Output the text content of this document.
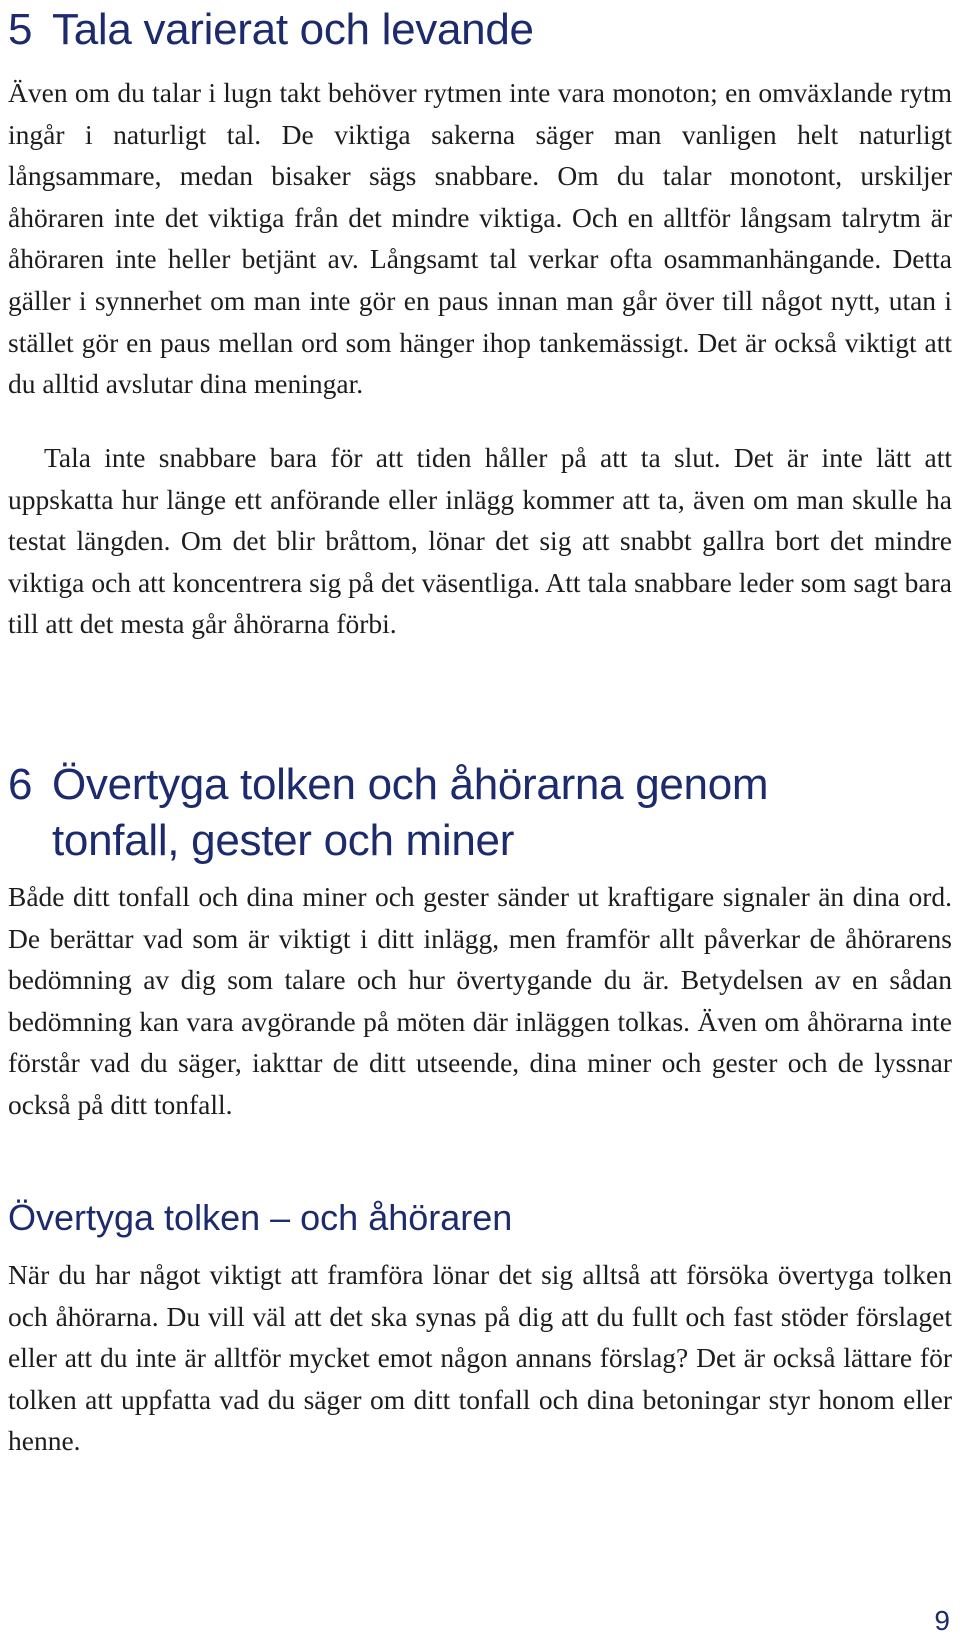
5 Tala varierat och levande

Även om du talar i lugn takt behöver rytmen inte vara monoton; en omväxlande rytm ingår i naturligt tal. De viktiga sakerna säger man vanligen helt naturligt långsammare, medan bisaker sägs snabbare. Om du talar monotont, urskiljer åhöraren inte det viktiga från det mindre viktiga. Och en alltför långsam talrytm är åhöraren inte heller betjänt av. Långsamt tal verkar ofta osammanhängande. Detta gäller i synnerhet om man inte gör en paus innan man går över till något nytt, utan i stället gör en paus mellan ord som hänger ihop tankemässigt. Det är också viktigt att du alltid avslutar dina meningar.

Tala inte snabbare bara för att tiden håller på att ta slut. Det är inte lätt att uppskatta hur länge ett anförande eller inlägg kommer att ta, även om man skulle ha testat längden. Om det blir bråttom, lönar det sig att snabbt gallra bort det mindre viktiga och att koncentrera sig på det väsentliga. Att tala snabbare leder som sagt bara till att det mesta går åhörarna förbi.

6 Övertyga tolken och åhörarna genom
tonfall, gester och miner

Både ditt tonfall och dina miner och gester sänder ut kraftigare signaler än dina ord. De berättar vad som är viktigt i ditt inlägg, men framför allt påverkar de åhörarens bedömning av dig som talare och hur övertygande du är. Betydelsen av en sådan bedömning kan vara avgörande på möten där inläggen tolkas. Även om åhörarna inte förstår vad du säger, iakttar de ditt utseende, dina miner och gester och de lyssnar också på ditt tonfall.

Övertyga tolken – och åhöraren

När du har något viktigt att framföra lönar det sig alltså att försöka övertyga tolken och åhörarna. Du vill väl att det ska synas på dig att du fullt och fast stöder förslaget eller att du inte är alltför mycket emot någon annans förslag? Det är också lättare för tolken att uppfatta vad du säger om ditt tonfall och dina betoningar styr honom eller henne.

9
